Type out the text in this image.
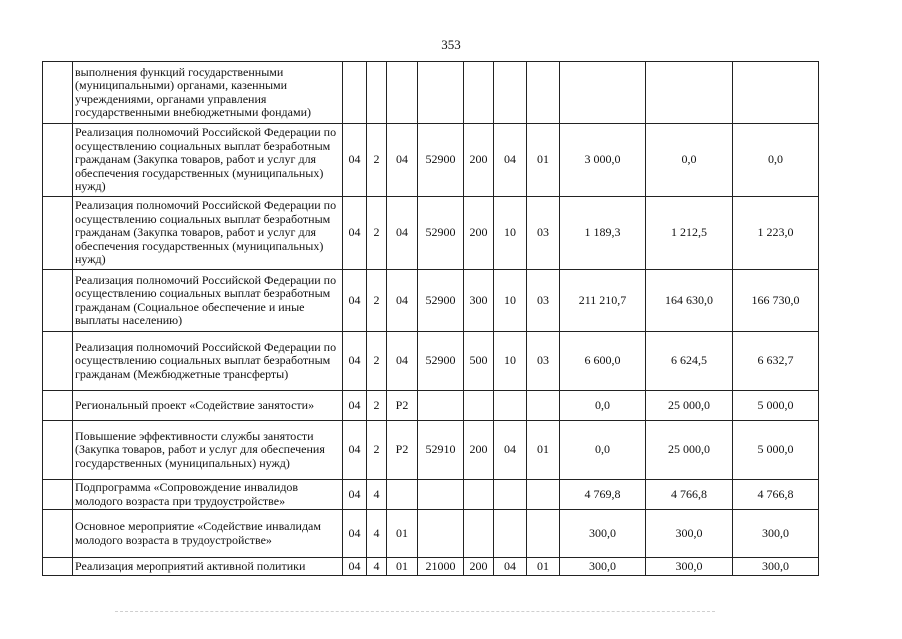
353
	выполнения функций государственными (муниципальными) органами, казенными учреждениями, органами управления государственными внебюджетными фондами)										
	Реализация полномочий Российской Федерации по осуществлению социальных выплат безработным гражданам (Закупка товаров, работ и услуг для обеспечения государственных (муниципальных) нужд)	04	2	04	52900	200	04	01	3 000,0	0,0	0,0
	Реализация полномочий Российской Федерации по осуществлению социальных выплат безработным гражданам (Закупка товаров, работ и услуг для обеспечения государственных (муниципальных) нужд)	04	2	04	52900	200	10	03	1 189,3	1 212,5	1 223,0
	Реализация полномочий Российской Федерации по осуществлению социальных выплат безработным гражданам (Социальное обеспечение и иные выплаты населению)	04	2	04	52900	300	10	03	211 210,7	164 630,0	166 730,0
	Реализация полномочий Российской Федерации по осуществлению социальных выплат безработным гражданам (Межбюджетные трансферты)	04	2	04	52900	500	10	03	6 600,0	6 624,5	6 632,7
	Региональный проект «Содействие занятости»	04	2	Р2					0,0	25 000,0	5 000,0
	Повышение эффективности службы занятости (Закупка товаров, работ и услуг для обеспечения государственных (муниципальных) нужд)	04	2	Р2	52910	200	04	01	0,0	25 000,0	5 000,0
	Подпрограмма «Сопровождение инвалидов молодого возраста при трудоустройстве»	04	4						4 769,8	4 766,8	4 766,8
	Основное мероприятие «Содействие инвалидам молодого возраста в трудоустройстве»	04	4	01					300,0	300,0	300,0
	Реализация мероприятий активной политики	04	4	01	21000	200	04	01	300,0	300,0	300,0
